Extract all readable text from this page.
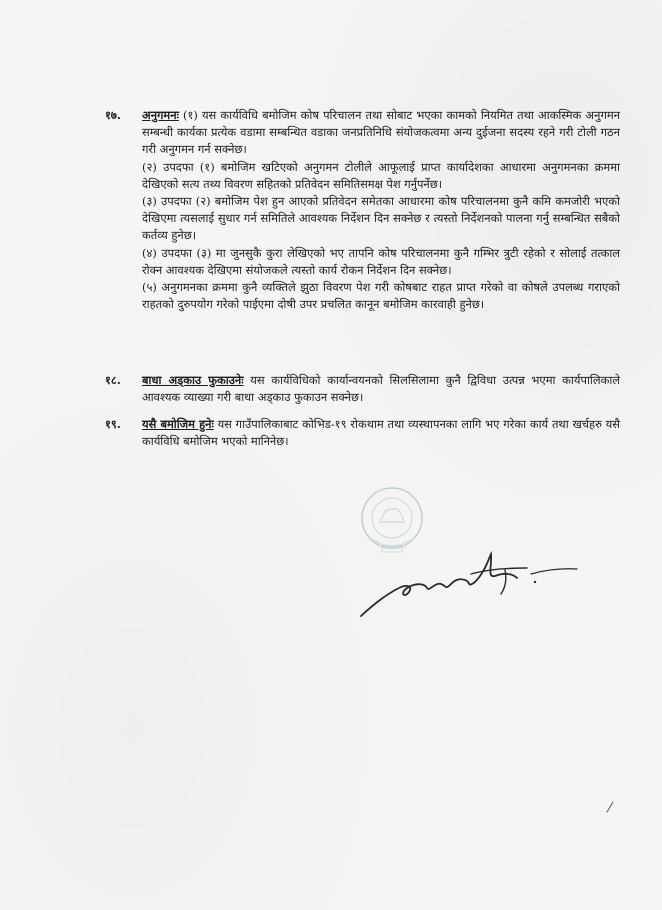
१७.	अनुगमनः (१) यस कार्यविधि बमोजिम कोष परिचालन तथा सोबाट भएका कामको नियमित तथा आकस्मिक अनुगमन सम्बन्धी कार्यका प्रत्येक वडामा सम्बन्धित वडाका जनप्रतिनिधि संयोजकत्वमा अन्य दुईजना सदस्य रहने गरी टोली गठन गरी अनुगमन गर्न सक्नेछ।

(२) उपदफा (१) बमोजिम खटिएको अनुगमन टोलीले आफूलाई प्राप्त कार्यादेशका आधारमा अनुगमनका क्रममा देखिएको सत्य तथ्य विवरण सहितको प्रतिवेदन समितिसमक्ष पेश गर्नुपर्नेछ।

(३) उपदफा (२) बमोजिम पेश हुन आएको प्रतिवेदन समेतका आधारमा कोष परिचालनमा कुनै कमि कमजोरी भएको देखिएमा त्यसलाई सुधार गर्न समितिले आवश्यक निर्देशन दिन सक्नेछ र त्यस्तो निर्देशनको पालना गर्नु सम्बन्धित सबैको कर्तव्य हुनेछ।

(४) उपदफा (३) मा जुनसुकै कुरा लेखिएको भए तापनि कोष परिचालनमा कुनै गम्भिर त्रुटी रहेको र सोलाई तत्काल रोक्न आवश्यक देखिएमा संयोजकले त्यस्तो कार्य रोकन निर्देशन दिन सक्नेछ।

(५) अनुगमनका क्रममा कुनै व्यक्तिले झुठा विवरण पेश गरी कोषबाट राहत प्राप्त गरेको वा कोषले उपलब्ध गराएको राहतको दुरुपयोग गरेको पाईएमा दोषी उपर प्रचलित कानून बमोजिम कारवाही हुनेछ।

१८.	बाधा अड्काउ फुकाउनेः यस कार्यविधिको कार्यान्वयनको सिलसिलामा कुनै द्विविधा उत्पन्न भएमा कार्यपालिकाले आवश्यक व्याख्या गरी बाधा अड्काउ फुकाउन सक्नेछ।

१९.	यसै बमोजिम हुनेः यस गाउँपालिकाबाट कोभिड-१९ रोकथाम तथा व्यस्थापनका लागि भए गरेका कार्य तथा खर्चहरु यसै कार्यविधि बमोजिम भएको मानिनेछ।
